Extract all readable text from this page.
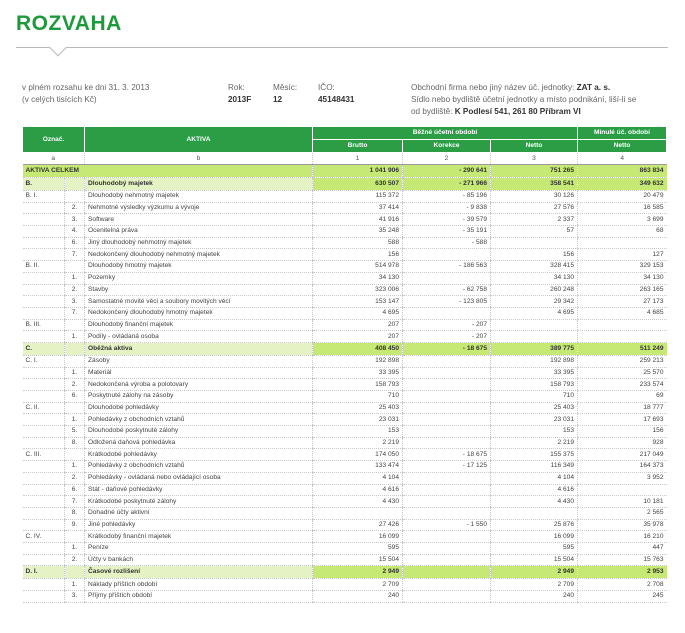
ROZVAHA
v plném rozsahu ke dni 31. 3. 2013
(v celých tisících Kč)
Rok:
2013F
Měsíc:
12
IČO:
45148431
Obchodní firma nebo jiný název úč. jednotky: ZAT a. s.
Sídlo nebo bydliště účetní jednotky a místo podnikání, liší-li se
od bydliště: K Podlesí 541, 261 80 Příbram VI
Označ.		AKTIVA	Běžné účetní období			Minulé úč. období
			Brutto	Korekce	Netto	Netto
a		b	1	2	3	4
AKTIVA CELKEM			1 041 906	- 290 641	751 265	863 834
B.		Dlouhodobý majetek	630 507	- 271 966	358 541	349 632
B. I.		Dlouhodobý nehmotný majetek	115 372	- 85 196	30 126	20 479
	2.	Nehmotné výsledky výzkumu a vývoje	37 414	- 9 838	27 576	16 585
	3.	Software	41 916	- 39 579	2 337	3 699
	4.	Ocenitelná práva	35 248	- 35 191	57	68
	6.	Jiný dlouhodobý nehmotný majetek	588	- 588		
	7.	Nedokončený dlouhodobý nehmotný majetek	156		156	127
B. II.		Dlouhodobý hmotný majetek	514 978	- 186 563	328 415	329 153
	1.	Pozemky	34 130		34 130	34 130
	2.	Stavby	323 006	- 62 758	260 248	263 165
	3.	Samostatné movité věci a soubory movitých věcí	153 147	- 123 805	29 342	27 173
	7.	Nedokončený dlouhodobý hmotný majetek	4 695		4 695	4 685
B. III.		Dlouhodobý finanční majetek	207	- 207		
	1.	Podíly - ovládaná osoba	207	- 207		
C.		Oběžná aktiva	408 450	- 18 675	389 775	511 249
C. I.		Zásoby	192 898		192 898	259 213
	1.	Materiál	33 395		33 395	25 570
	2.	Nedokončená výroba a polotovary	158 793		158 793	233 574
	6.	Poskytnuté zálohy na zásoby	710		710	69
C. II.		Dlouhodobé pohledávky	25 403		25 403	18 777
	1.	Pohledávky z obchodních vztahů	23 031		23 031	17 693
	5.	Dlouhodobé poskytnuté zálohy	153		153	156
	8.	Odložená daňová pohledávka	2 219		2 219	928
C. III.		Krátkodobé pohledávky	174 050	- 18 675	155 375	217 049
	1.	Pohledávky z obchodních vztahů	133 474	- 17 125	116 349	164 373
	2.	Pohledávky - ovládaná nebo ovládající osoba	4 104		4 104	3 952
	6.	Stát - daňové pohledávky	4 616		4 616	
	7.	Krátkodobé poskytnuté zálohy	4 430		4 430	10 181
	8.	Dohadné účty aktivní				2 565
	9.	Jiné pohledávky	27 426	- 1 550	25 876	35 978
C. IV.		Krátkodobý finanční majetek	16 099		16 099	16 210
	1.	Peníze	595		595	447
	2.	Účty v bankách	15 504		15 504	15 763
D. I.		Časové rozlišení	2 949		2 949	2 953
	1.	Náklady příštích období	2 709		2 709	2 708
	3.	Příjmy příštích období	240		240	245
